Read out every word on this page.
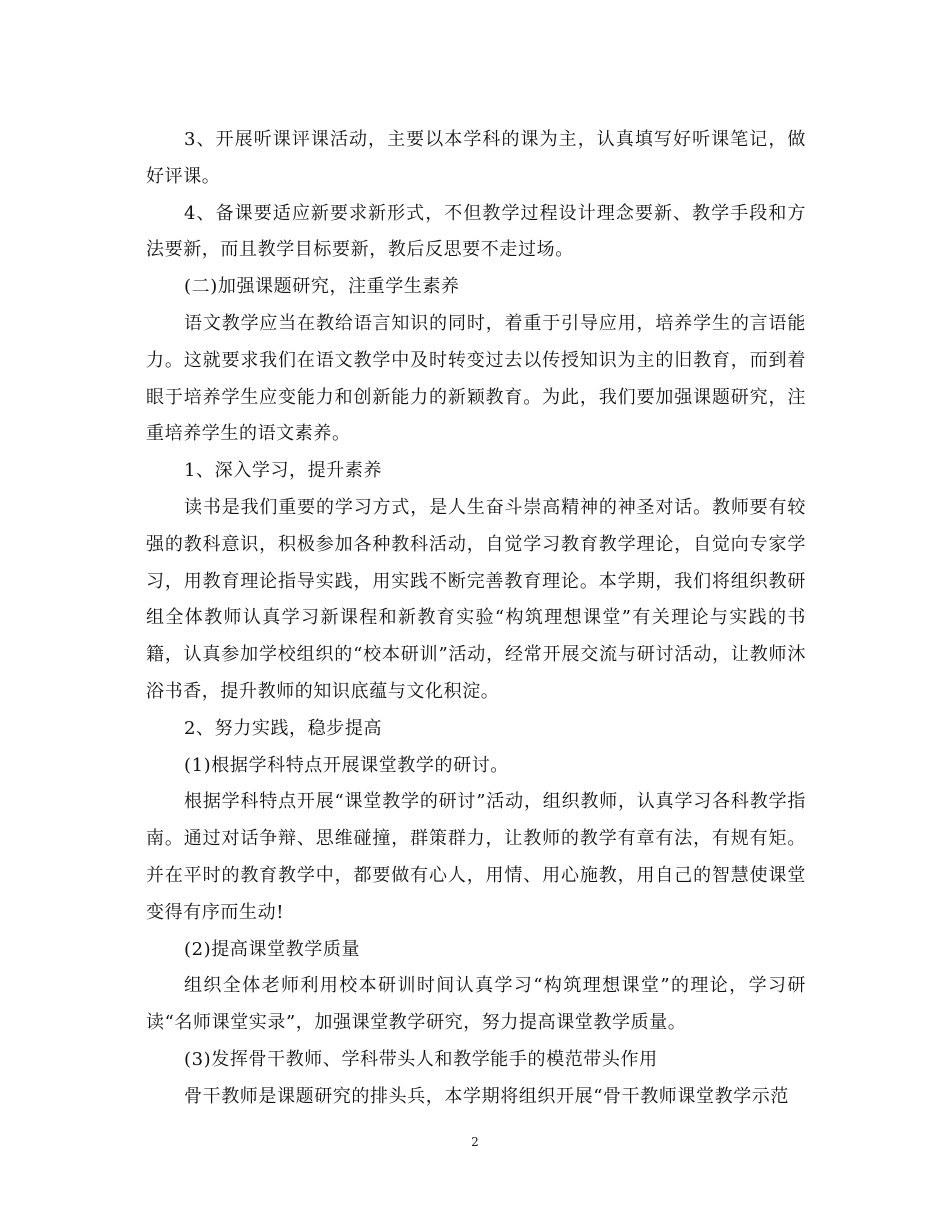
3、开展听课评课活动，主要以本学科的课为主，认真填写好听课笔记，做好评课。

4、备课要适应新要求新形式，不但教学过程设计理念要新、教学手段和方法要新，而且教学目标要新，教后反思要不走过场。

(二)加强课题研究，注重学生素养

语文教学应当在教给语言知识的同时，着重于引导应用，培养学生的言语能力。这就要求我们在语文教学中及时转变过去以传授知识为主的旧教育，而到着眼于培养学生应变能力和创新能力的新颖教育。为此，我们要加强课题研究，注重培养学生的语文素养。

1、深入学习，提升素养

读书是我们重要的学习方式，是人生奋斗崇高精神的神圣对话。教师要有较强的教科意识，积极参加各种教科活动，自觉学习教育教学理论，自觉向专家学习，用教育理论指导实践，用实践不断完善教育理论。本学期，我们将组织教研组全体教师认真学习新课程和新教育实验“构筑理想课堂”有关理论与实践的书籍，认真参加学校组织的“校本研训”活动，经常开展交流与研讨活动，让教师沐浴书香，提升教师的知识底蕴与文化积淀。

2、努力实践，稳步提高

(1)根据学科特点开展课堂教学的研讨。

根据学科特点开展“课堂教学的研讨”活动，组织教师，认真学习各科教学指南。通过对话争辩、思维碰撞，群策群力，让教师的教学有章有法，有规有矩。并在平时的教育教学中，都要做有心人，用情、用心施教，用自己的智慧使课堂变得有序而生动!

(2)提高课堂教学质量

组织全体老师利用校本研训时间认真学习“构筑理想课堂”的理论，学习研读“名师课堂实录”，加强课堂教学研究，努力提高课堂教学质量。

(3)发挥骨干教师、学科带头人和教学能手的模范带头作用

骨干教师是课题研究的排头兵，本学期将组织开展“骨干教师课堂教学示范

2
